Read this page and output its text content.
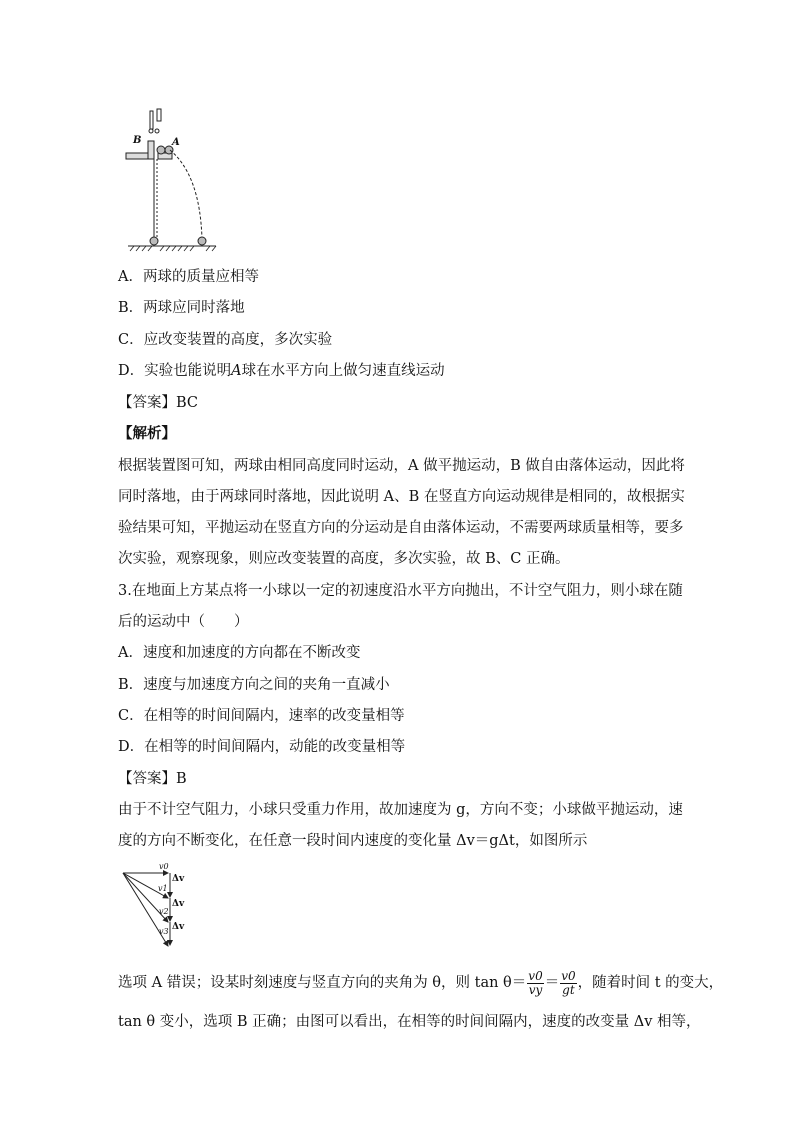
B	A
A．两球的质量应相等
B．两球应同时落地
C．应改变装置的高度，多次实验
D．实验也能说明A球在水平方向上做匀速直线运动
【答案】BC
【解析】
根据装置图可知，两球由相同高度同时运动，A 做平抛运动，B 做自由落体运动，因此将
同时落地，由于两球同时落地，因此说明 A、B 在竖直方向运动规律是相同的，故根据实
验结果可知，平抛运动在竖直方向的分运动是自由落体运动，不需要两球质量相等，要多
次实验，观察现象，则应改变装置的高度，多次实验，故 B、C 正确。
3.在地面上方某点将一小球以一定的初速度沿水平方向抛出，不计空气阻力，则小球在随
后的运动中（　　）
A．速度和加速度的方向都在不断改变
B．速度与加速度方向之间的夹角一直减小
C．在相等的时间间隔内，速率的改变量相等
D．在相等的时间间隔内，动能的改变量相等
【答案】B
由于不计空气阻力，小球只受重力作用，故加速度为 g，方向不变；小球做平抛运动，速
度的方向不断变化，在任意一段时间内速度的变化量 Δv＝gΔt，如图所示
v0
v1
v2
v3
Δv
Δv
Δv
选项 A 错误；设某时刻速度与竖直方向的夹角为 θ，则 $\tan \theta= \frac{v0}{vy} = \frac{v0}{gt}$ ，随着时间 t 的变大，
tan θ 变小，选项 B 正确；由图可以看出，在相等的时间间隔内，速度的改变量 Δv 相等，
